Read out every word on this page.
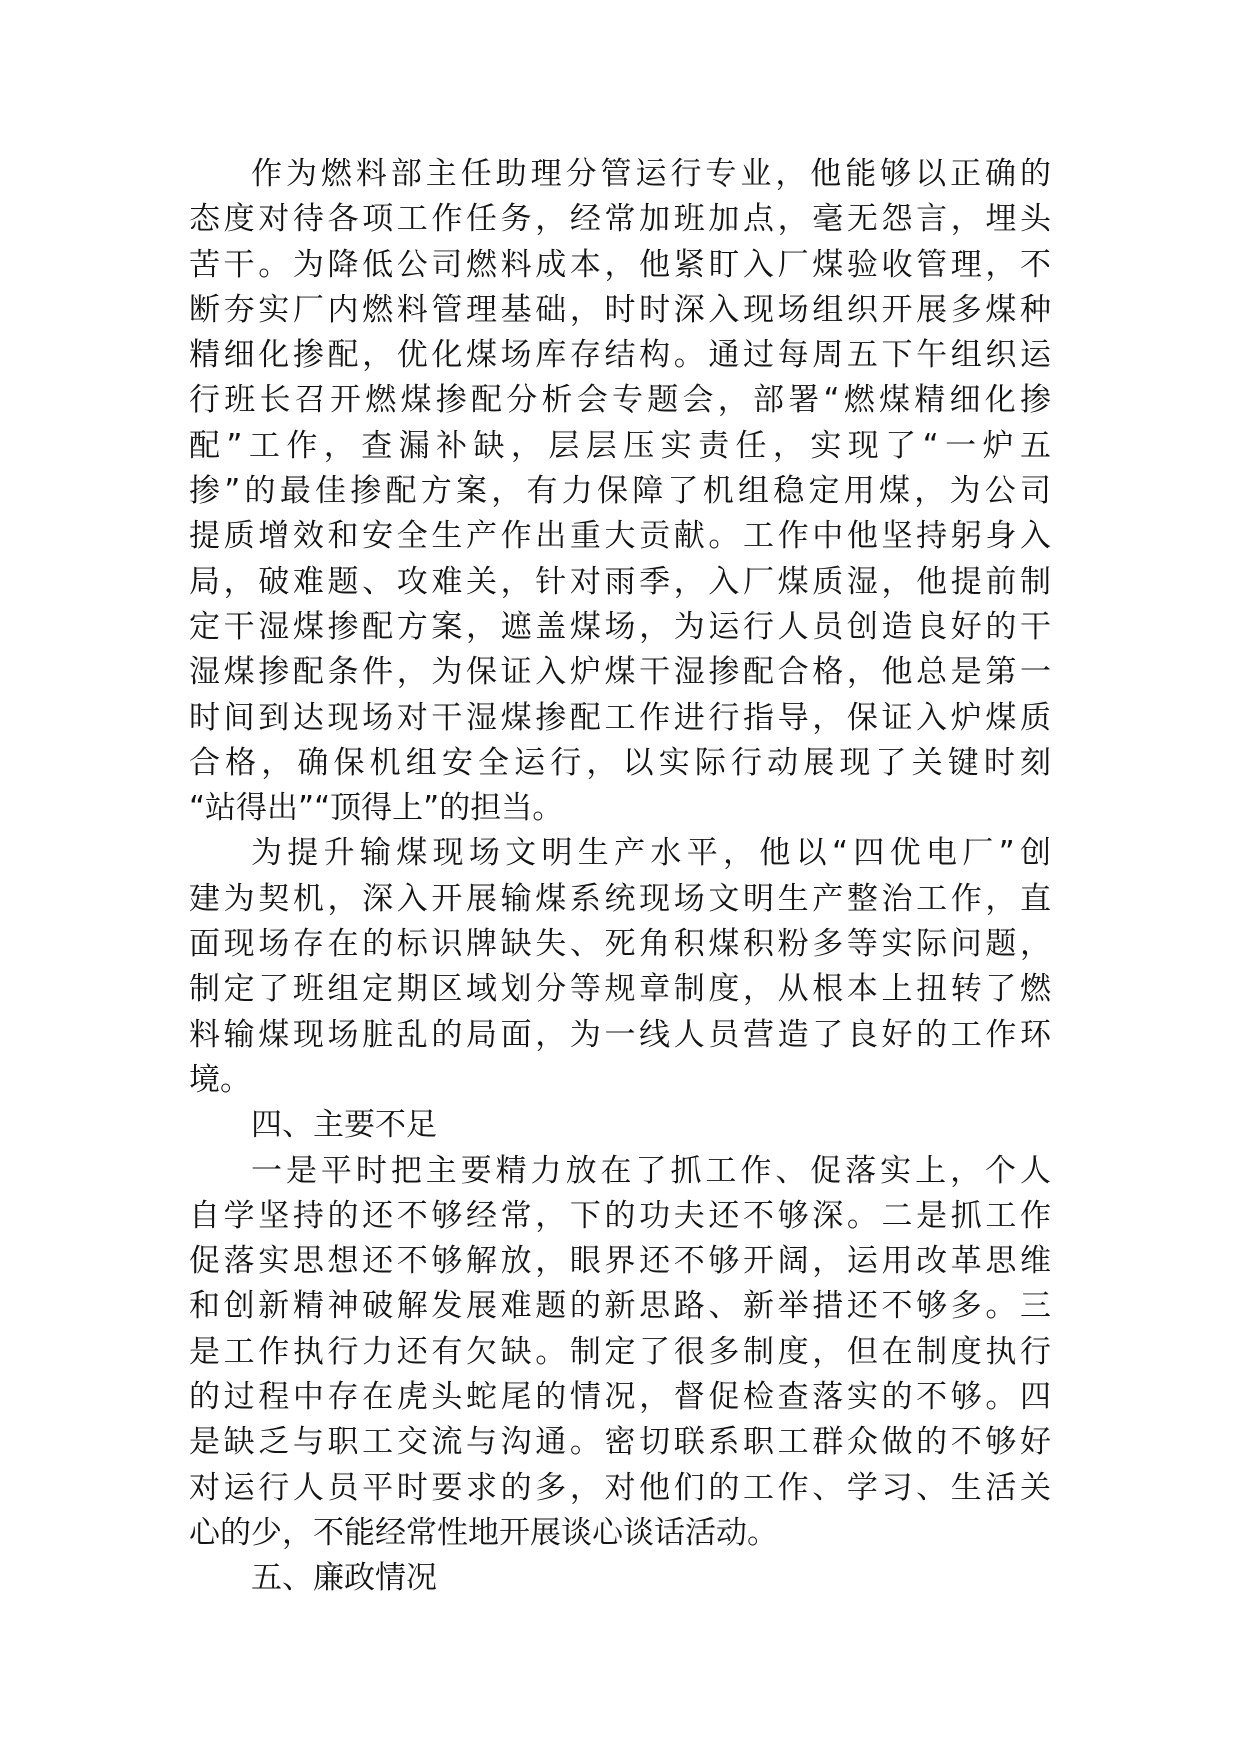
作为燃料部主任助理分管运行专业，他能够以正确的
态度对待各项工作任务，经常加班加点，毫无怨言，埋头
苦干。为降低公司燃料成本，他紧盯入厂煤验收管理，不
断夯实厂内燃料管理基础，时时深入现场组织开展多煤种
精细化掺配，优化煤场库存结构。通过每周五下午组织运
行班长召开燃煤掺配分析会专题会，部署“燃煤精细化掺
配”工作，查漏补缺，层层压实责任，实现了“一炉五
掺”的最佳掺配方案，有力保障了机组稳定用煤，为公司
提质增效和安全生产作出重大贡献。工作中他坚持躬身入
局，破难题、攻难关，针对雨季，入厂煤质湿，他提前制
定干湿煤掺配方案，遮盖煤场，为运行人员创造良好的干
湿煤掺配条件，为保证入炉煤干湿掺配合格，他总是第一
时间到达现场对干湿煤掺配工作进行指导，保证入炉煤质
合格，确保机组安全运行，以实际行动展现了关键时刻
“站得出”“顶得上”的担当。
为提升输煤现场文明生产水平，他以“四优电厂”创
建为契机，深入开展输煤系统现场文明生产整治工作，直
面现场存在的标识牌缺失、死角积煤积粉多等实际问题，
制定了班组定期区域划分等规章制度，从根本上扭转了燃
料输煤现场脏乱的局面，为一线人员营造了良好的工作环
境。
四、主要不足
一是平时把主要精力放在了抓工作、促落实上，个人
自学坚持的还不够经常，下的功夫还不够深。二是抓工作
促落实思想还不够解放，眼界还不够开阔，运用改革思维
和创新精神破解发展难题的新思路、新举措还不够多。三
是工作执行力还有欠缺。制定了很多制度，但在制度执行
的过程中存在虎头蛇尾的情况，督促检查落实的不够。四
是缺乏与职工交流与沟通。密切联系职工群众做的不够好
对运行人员平时要求的多，对他们的工作、学习、生活关
心的少，不能经常性地开展谈心谈话活动。
五、廉政情况
